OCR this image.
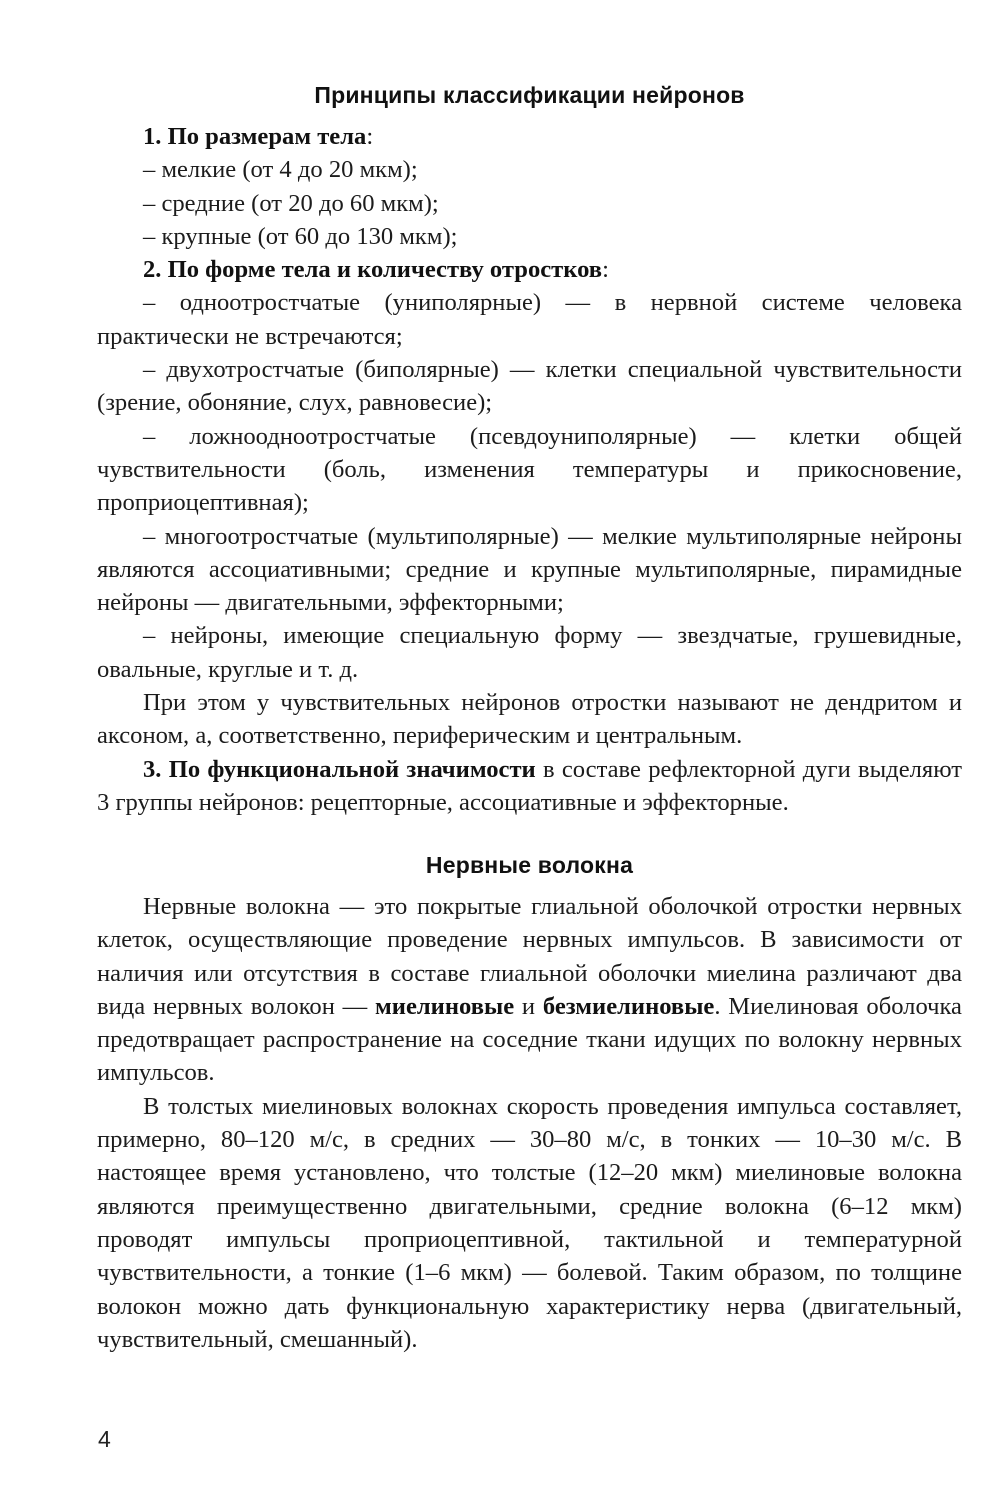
Принципы классификации нейронов

1. По размерам тела:

– мелкие (от 4 до 20 мкм);

– средние (от 20 до 60 мкм);

– крупные (от 60 до 130 мкм);

2. По форме тела и количеству отростков:

– одноотростчатые (униполярные) — в нервной системе человека практически не встречаются;

– двухотростчатые (биполярные) — клетки специальной чувствительности (зрение, обоняние, слух, равновесие);

– ложноодноотростчатые (псевдоуниполярные) — клетки общей чувствительности (боль, изменения температуры и прикосновение, проприоцептивная);

– многоотростчатые (мультиполярные) — мелкие мультиполярные нейроны являются ассоциативными; средние и крупные мультиполярные, пирамидные нейроны — двигательными, эффекторными;

– нейроны, имеющие специальную форму — звездчатые, грушевидные, овальные, круглые и т. д.

При этом у чувствительных нейронов отростки называют не дендритом и аксоном, а, соответственно, периферическим и центральным.

3. По функциональной значимости в составе рефлекторной дуги выделяют 3 группы нейронов: рецепторные, ассоциативные и эффекторные.

Нервные волокна

Нервные волокна — это покрытые глиальной оболочкой отростки нервных клеток, осуществляющие проведение нервных импульсов. В зависимости от наличия или отсутствия в составе глиальной оболочки миелина различают два вида нервных волокон — миелиновые и безмиелиновые. Миелиновая оболочка предотвращает распространение на соседние ткани идущих по волокну нервных импульсов.

В толстых миелиновых волокнах скорость проведения импульса составляет, примерно, 80–120 м/с, в средних — 30–80 м/с, в тонких — 10–30 м/с. В настоящее время установлено, что толстые (12–20 мкм) миелиновые волокна являются преимущественно двигательными, средние волокна (6–12 мкм) проводят импульсы проприоцептивной, тактильной и температурной чувствительности, а тонкие (1–6 мкм) — болевой. Таким образом, по толщине волокон можно дать функциональную характеристику нерва (двигательный, чувствительный, смешанный).

4
